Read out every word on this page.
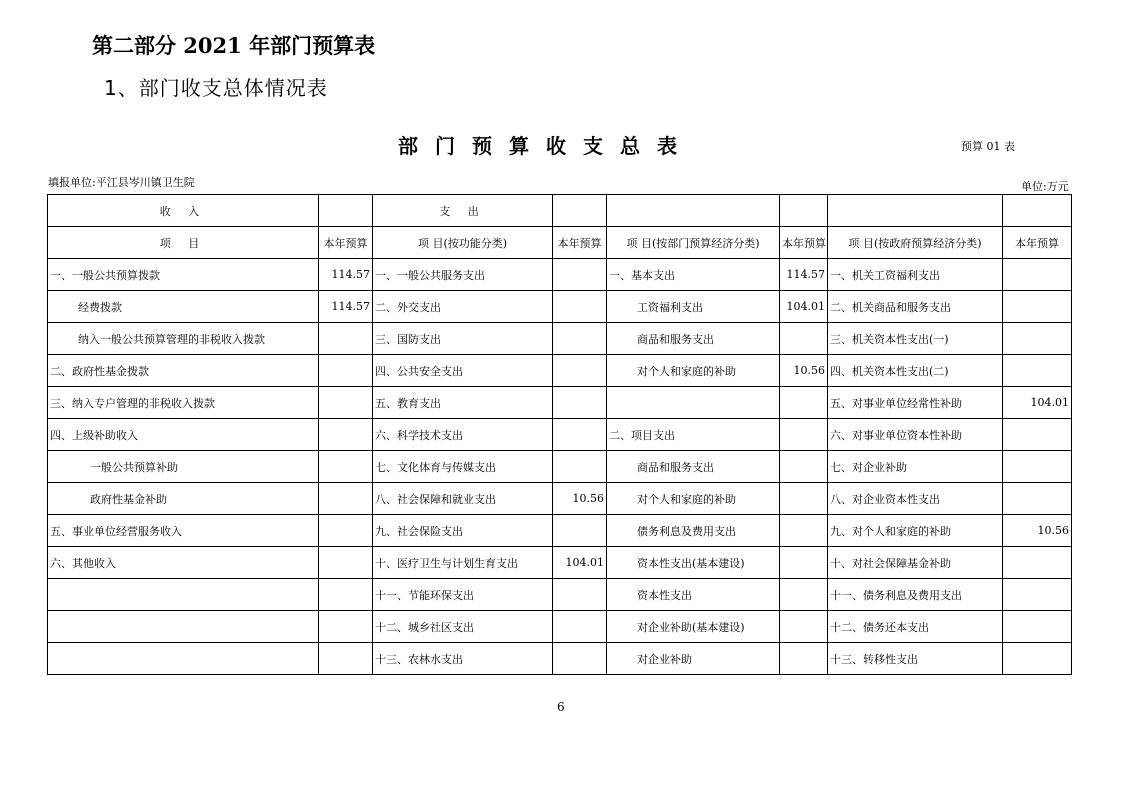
第二部分 2021 年部门预算表
1、部门收支总体情况表
部门预算收支总表	预算 01 表
填报单位:平江县岑川镇卫生院	单位:万元
收 入		支 出					
项 目	本年预算	项 目(按功能分类)	本年预算	项 目(按部门预算经济分类)	本年预算	项 目(按政府预算经济分类)	本年预算
一、一般公共预算拨款	114.57	一、一般公共服务支出		一、基本支出	114.57	一、机关工资福利支出	
经费拨款	114.57	二、外交支出		工资福利支出	104.01	二、机关商品和服务支出	
纳入一般公共预算管理的非税收入拨款		三、国防支出		商品和服务支出		三、机关资本性支出(一)	
二、政府性基金拨款		四、公共安全支出		对个人和家庭的补助	10.56	四、机关资本性支出(二)	
三、纳入专户管理的非税收入拨款		五、教育支出				五、对事业单位经常性补助	104.01
四、上级补助收入		六、科学技术支出		二、项目支出		六、对事业单位资本性补助	
一般公共预算补助		七、文化体育与传媒支出		商品和服务支出		七、对企业补助	
政府性基金补助		八、社会保障和就业支出	10.56	对个人和家庭的补助		八、对企业资本性支出	
五、事业单位经营服务收入		九、社会保险支出		债务利息及费用支出		九、对个人和家庭的补助	10.56
六、其他收入		十、医疗卫生与计划生育支出	104.01	资本性支出(基本建设)		十、对社会保障基金补助	
		十一、节能环保支出		资本性支出		十一、债务利息及费用支出	
		十二、城乡社区支出		对企业补助(基本建设)		十二、债务还本支出	
		十三、农林水支出		对企业补助		十三、转移性支出	
6
